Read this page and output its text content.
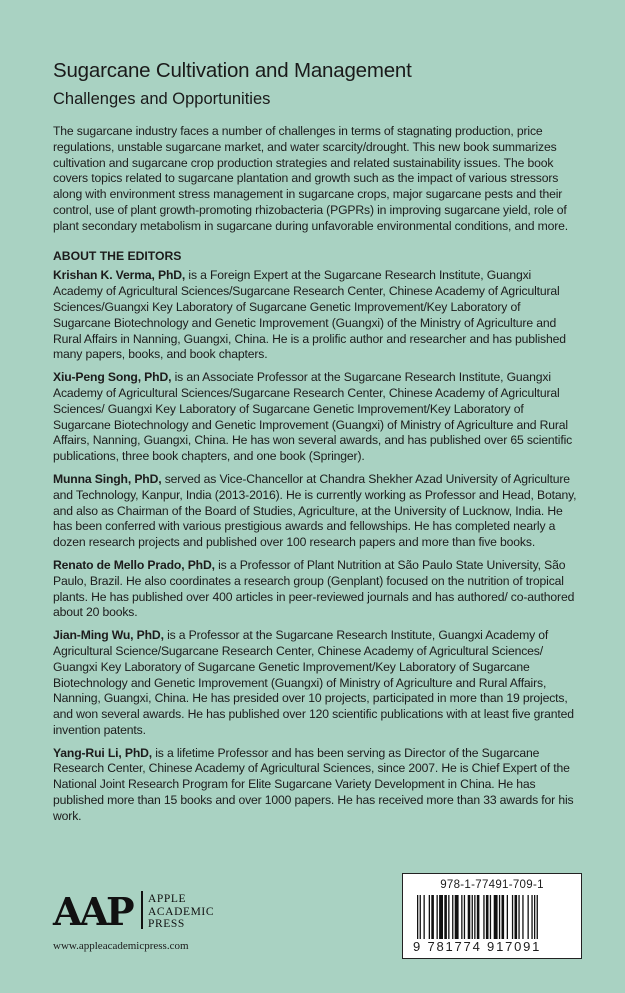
Sugarcane Cultivation and Management
Challenges and Opportunities

The sugarcane industry faces a number of challenges in terms of stagnating production, price regulations, unstable sugarcane market, and water scarcity/drought. This new book summarizes cultivation and sugarcane crop production strategies and related sustainability issues. The book covers topics related to sugarcane plantation and growth such as the impact of various stressors along with environment stress management in sugarcane crops, major sugarcane pests and their control, use of plant growth-promoting rhizobacteria (PGPRs) in improving sugarcane yield, role of plant secondary metabolism in sugarcane during unfavorable environmental conditions, and more.

ABOUT THE EDITORS

Krishan K. Verma, PhD, is a Foreign Expert at the Sugarcane Research Institute, Guangxi Academy of Agricultural Sciences/Sugarcane Research Center, Chinese Academy of Agricultural Sciences/Guangxi Key Laboratory of Sugarcane Genetic Improvement/Key Laboratory of Sugarcane Biotechnology and Genetic Improvement (Guangxi) of the Ministry of Agriculture and Rural Affairs in Nanning, Guangxi, China. He is a prolific author and researcher and has published many papers, books, and book chapters.

Xiu-Peng Song, PhD, is an Associate Professor at the Sugarcane Research Institute, Guangxi Academy of Agricultural Sciences/Sugarcane Research Center, Chinese Academy of Agricultural Sciences/ Guangxi Key Laboratory of Sugarcane Genetic Improvement/Key Laboratory of Sugarcane Biotechnology and Genetic Improvement (Guangxi) of Ministry of Agriculture and Rural Affairs, Nanning, Guangxi, China. He has won several awards, and has published over 65 scientific publications, three book chapters, and one book (Springer).

Munna Singh, PhD, served as Vice-Chancellor at Chandra Shekher Azad University of Agriculture and Technology, Kanpur, India (2013-2016). He is currently working as Professor and Head, Botany, and also as Chairman of the Board of Studies, Agriculture, at the University of Lucknow, India. He has been conferred with various prestigious awards and fellowships. He has completed nearly a dozen research projects and published over 100 research papers and more than five books.

Renato de Mello Prado, PhD, is a Professor of Plant Nutrition at São Paulo State University, São Paulo, Brazil. He also coordinates a research group (Genplant) focused on the nutrition of tropical plants. He has published over 400 articles in peer-reviewed journals and has authored/ co-authored about 20 books.

Jian-Ming Wu, PhD, is a Professor at the Sugarcane Research Institute, Guangxi Academy of Agricultural Science/Sugarcane Research Center, Chinese Academy of Agricultural Sciences/ Guangxi Key Laboratory of Sugarcane Genetic Improvement/Key Laboratory of Sugarcane Biotechnology and Genetic Improvement (Guangxi) of Ministry of Agriculture and Rural Affairs, Nanning, Guangxi, China. He has presided over 10 projects, participated in more than 19 projects, and won several awards. He has published over 120 scientific publications with at least five granted invention patents.

Yang-Rui Li, PhD, is a lifetime Professor and has been serving as Director of the Sugarcane Research Center, Chinese Academy of Agricultural Sciences, since 2007. He is Chief Expert of the National Joint Research Program for Elite Sugarcane Variety Development in China. He has published more than 15 books and over 1000 papers. He has received more than 33 awards for his work.

AAP APPLE
ACADEMIC
PRESS
www.appleacademicpress.com
978-1-77491-709-1
9 781774 917091
